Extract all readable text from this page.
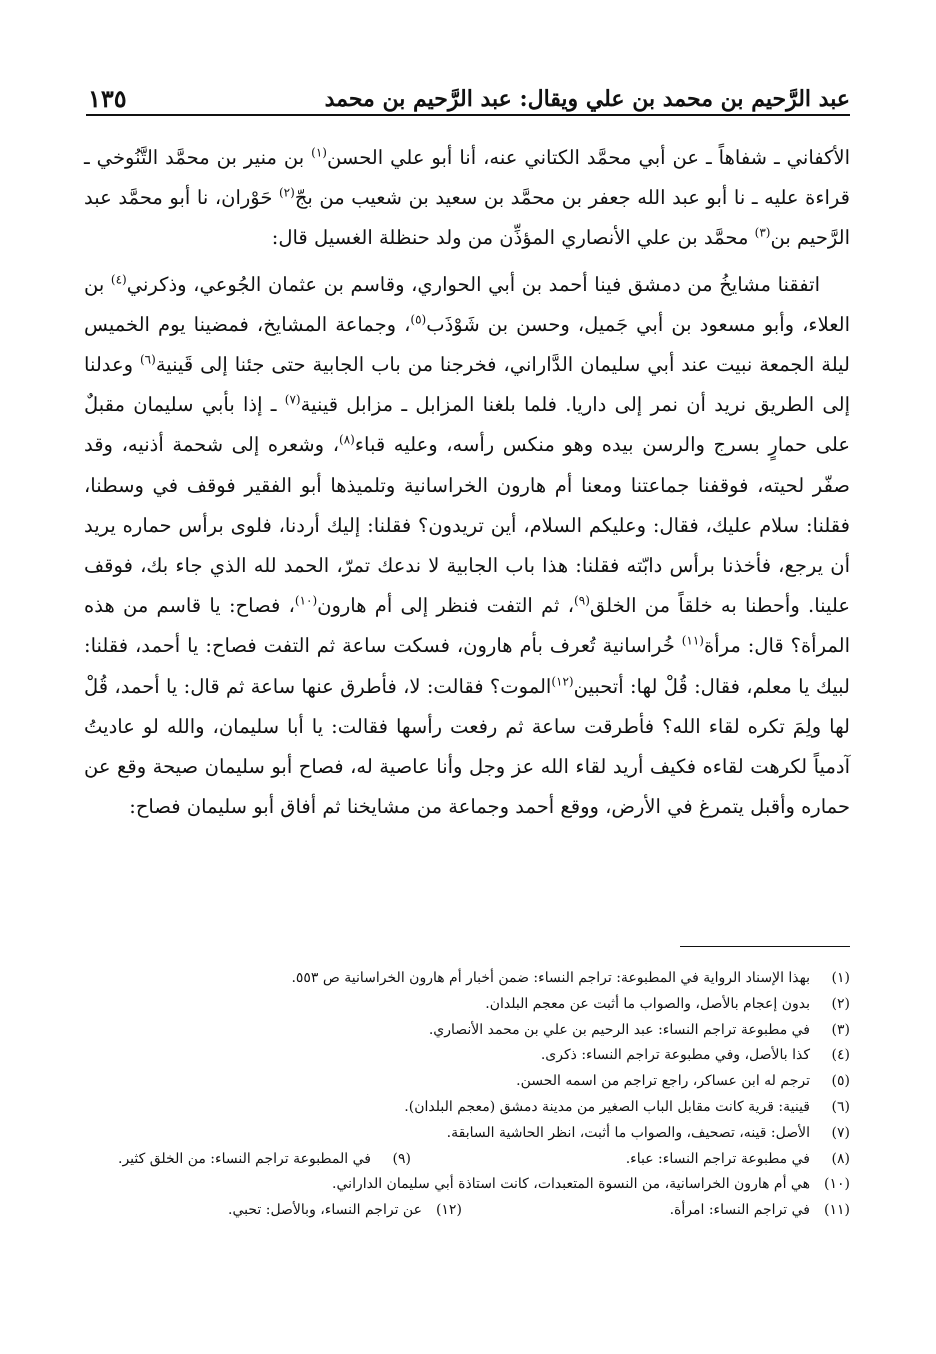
عبد الرَّحيم بن محمد بن علي ويقال: عبد الرَّحيم بن محمد
١٣٥

الأكفاني ـ شفاهاً ـ عن أبي محمَّد الكتاني عنه، أنا أبو علي الحسن$^{(١)}$ بن منير بن محمَّد التَّنُوخي ـ قراءة عليه ـ نا أبو عبد الله جعفر بن محمَّد بن سعيد بن شعيب من بجّ$^{(٢)}$ حَوْران، نا أبو محمَّد عبد الرَّحيم بن$^{(٣)}$ محمَّد بن علي الأنصاري المؤذِّن من ولد حنظلة الغسيل قال:

اتفقنا مشايخُ من دمشق فينا أحمد بن أبي الحواري، وقاسم بن عثمان الجُوعي، وذكرني$^{(٤)}$ بن العلاء، وأبو مسعود بن أبي جَميل، وحسن بن شَوْذَب$^{(٥)}$، وجماعة المشايخ، فمضينا يوم الخميس ليلة الجمعة نبيت عند أبي سليمان الدَّاراني، فخرجنا من باب الجابية حتى جئنا إلى قَينية$^{(٦)}$ وعدلنا إلى الطريق نريد أن نمر إلى داريا. فلما بلغنا المزابل ـ مزابل قينية$^{(٧)}$ ـ إذا بأبي سليمان مقبلٌ على حمارٍ بسرج والرسن بيده وهو منكس رأسه، وعليه قباء$^{(٨)}$، وشعره إلى شحمة أذنيه، وقد صفّر لحيته، فوقفنا جماعتنا ومعنا أم هارون الخراسانية وتلميذها أبو الفقير فوقف في وسطنا، فقلنا: سلام عليك، فقال: وعليكم السلام، أين تريدون؟ فقلنا: إليك أردنا، فلوى برأس حماره يريد أن يرجع، فأخذنا برأس دابّته فقلنا: هذا باب الجابية لا ندعك تمرّ، الحمد لله الذي جاء بك، فوقف علينا. وأحطنا به خلقاً من الخلق$^{(٩)}$، ثم التفت فنظر إلى أم هارون$^{(١٠)}$، فصاح: يا قاسم من هذه المرأة؟ قال: مرأة$^{(١١)}$ خُراسانية تُعرف بأم هارون، فسكت ساعة ثم التفت فصاح: يا أحمد، فقلنا: لبيك يا معلم، فقال: قُلْ لها: أتحبين$^{(١٢)}$الموت؟ فقالت: لا، فأطرق عنها ساعة ثم قال: يا أحمد، قُلْ لها ولِمَ تكره لقاء الله؟ فأطرقت ساعة ثم رفعت رأسها فقالت: يا أبا سليمان، والله لو عاديتُ آدمياً لكرهت لقاءه فكيف أريد لقاء الله عز وجل وأنا عاصية له، فصاح أبو سليمان صيحة وقع عن حماره وأقبل يتمرغ في الأرض، ووقع أحمد وجماعة من مشايخنا ثم أفاق أبو سليمان فصاح:

(١)بهذا الإسناد الرواية في المطبوعة: تراجم النساء: ضمن أخبار أم هارون الخراسانية ص ٥٥٣.
(٢)بدون إعجام بالأصل، والصواب ما أثبت عن معجم البلدان.
(٣)في مطبوعة تراجم النساء: عبد الرحيم بن علي بن محمد الأنصاري.
(٤)كذا بالأصل، وفي مطبوعة تراجم النساء: ذكرى.
(٥)ترجم له ابن عساكر، راجع تراجم من اسمه الحسن.
(٦)قينية: قرية كانت مقابل الباب الصغير من مدينة دمشق (معجم البلدان).
(٧)الأصل: قينه، تصحيف، والصواب ما أثبت، انظر الحاشية السابقة.
(٨)في مطبوعة تراجم النساء: عباء.
(٩)في المطبوعة تراجم النساء: من الخلق كثير.
(١٠)هي أم هارون الخراسانية، من النسوة المتعبدات، كانت استاذة أبي سليمان الداراني.
(١١)في تراجم النساء: امرأة.
(١٢)عن تراجم النساء، وبالأصل: تحبي.
